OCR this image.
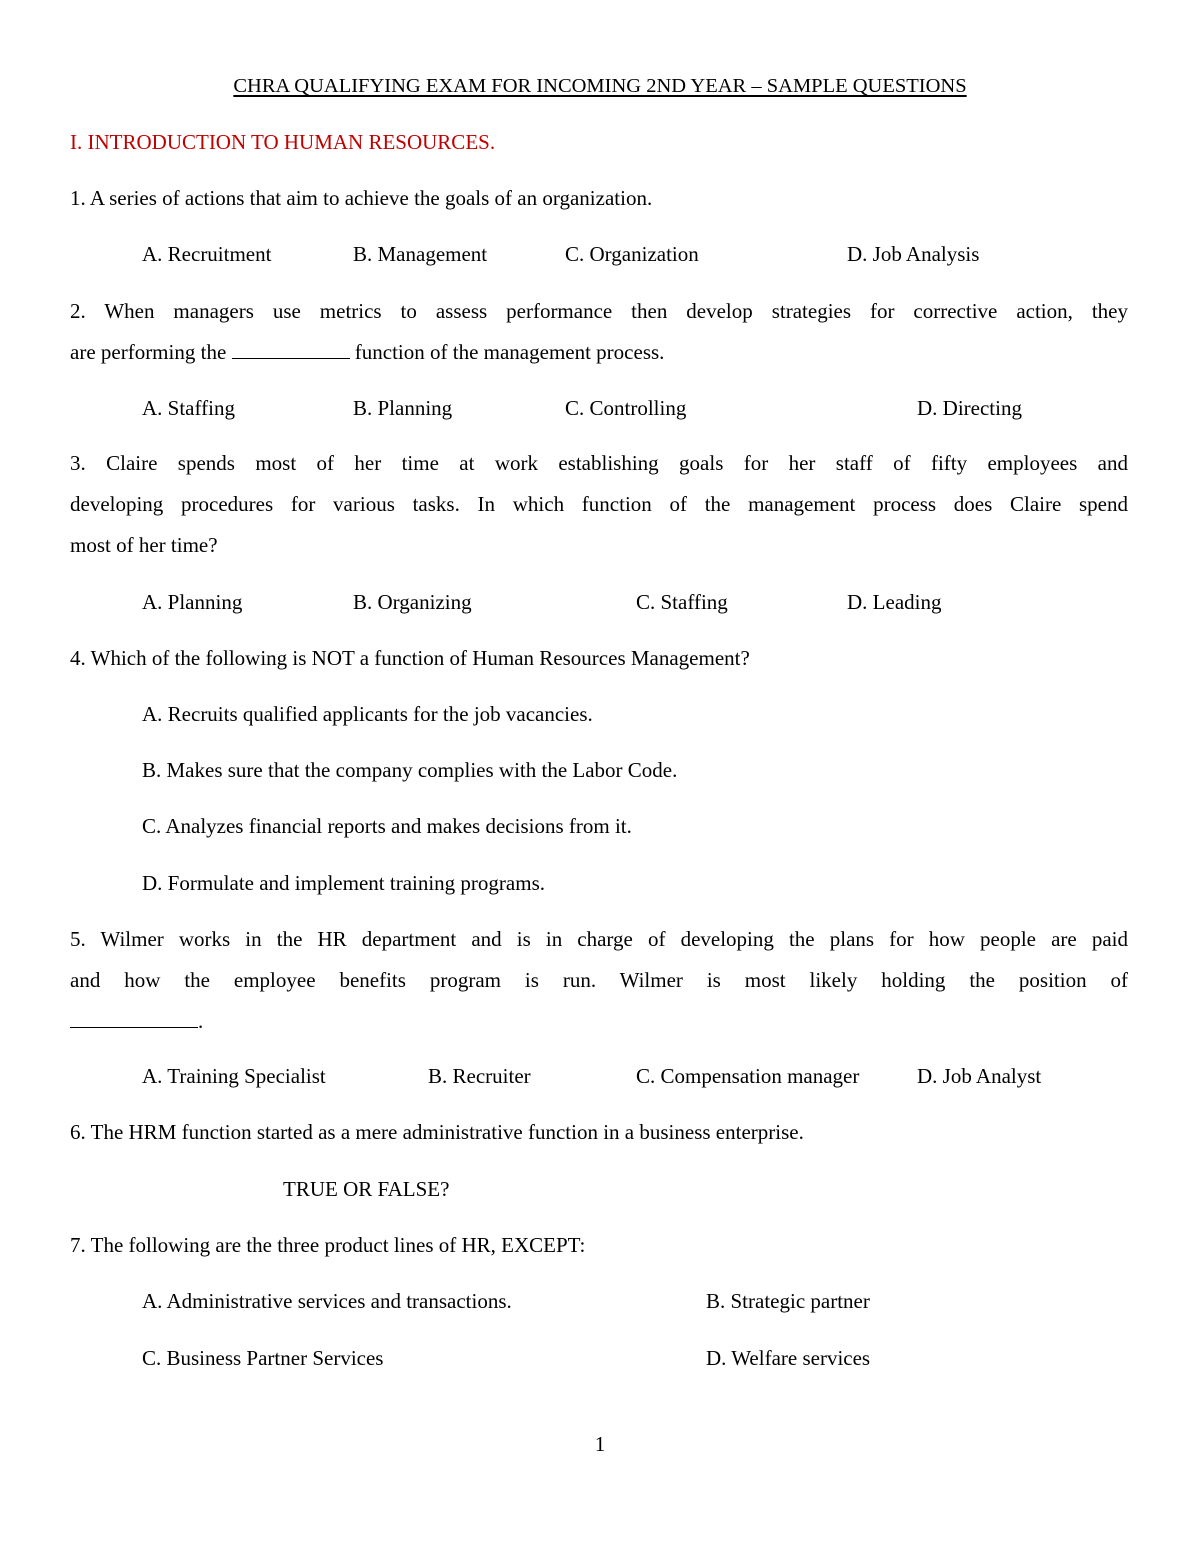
CHRA QUALIFYING EXAM FOR INCOMING 2ND YEAR – SAMPLE QUESTIONS
I. INTRODUCTION TO HUMAN RESOURCES.
1. A series of actions that aim to achieve the goals of an organization.
A. Recruitment	B. Management	C. Organization	D. Job Analysis
2. When managers use metrics to assess performance then develop strategies for corrective action, they
are performing the	function of the management process.
A. Staffing	B. Planning	C. Controlling	D. Directing
3. Claire spends most of her time at work establishing goals for her staff of fifty employees and
developing procedures for various tasks. In which function of the management process does Claire spend
most of her time?
A. Planning	B. Organizing	C. Staffing	D. Leading
4. Which of the following is NOT a function of Human Resources Management?
A. Recruits qualified applicants for the job vacancies.
B. Makes sure that the company complies with the Labor Code.
C. Analyzes financial reports and makes decisions from it.
D. Formulate and implement training programs.
5. Wilmer works in the HR department and is in charge of developing the plans for how people are paid
and how the employee benefits program is run. Wilmer is most likely holding the position of
.
A. Training Specialist	B. Recruiter	C. Compensation manager	D. Job Analyst
6. The HRM function started as a mere administrative function in a business enterprise.
TRUE OR FALSE?
7. The following are the three product lines of HR, EXCEPT:
A. Administrative services and transactions.	B. Strategic partner
C. Business Partner Services	D. Welfare services
1
